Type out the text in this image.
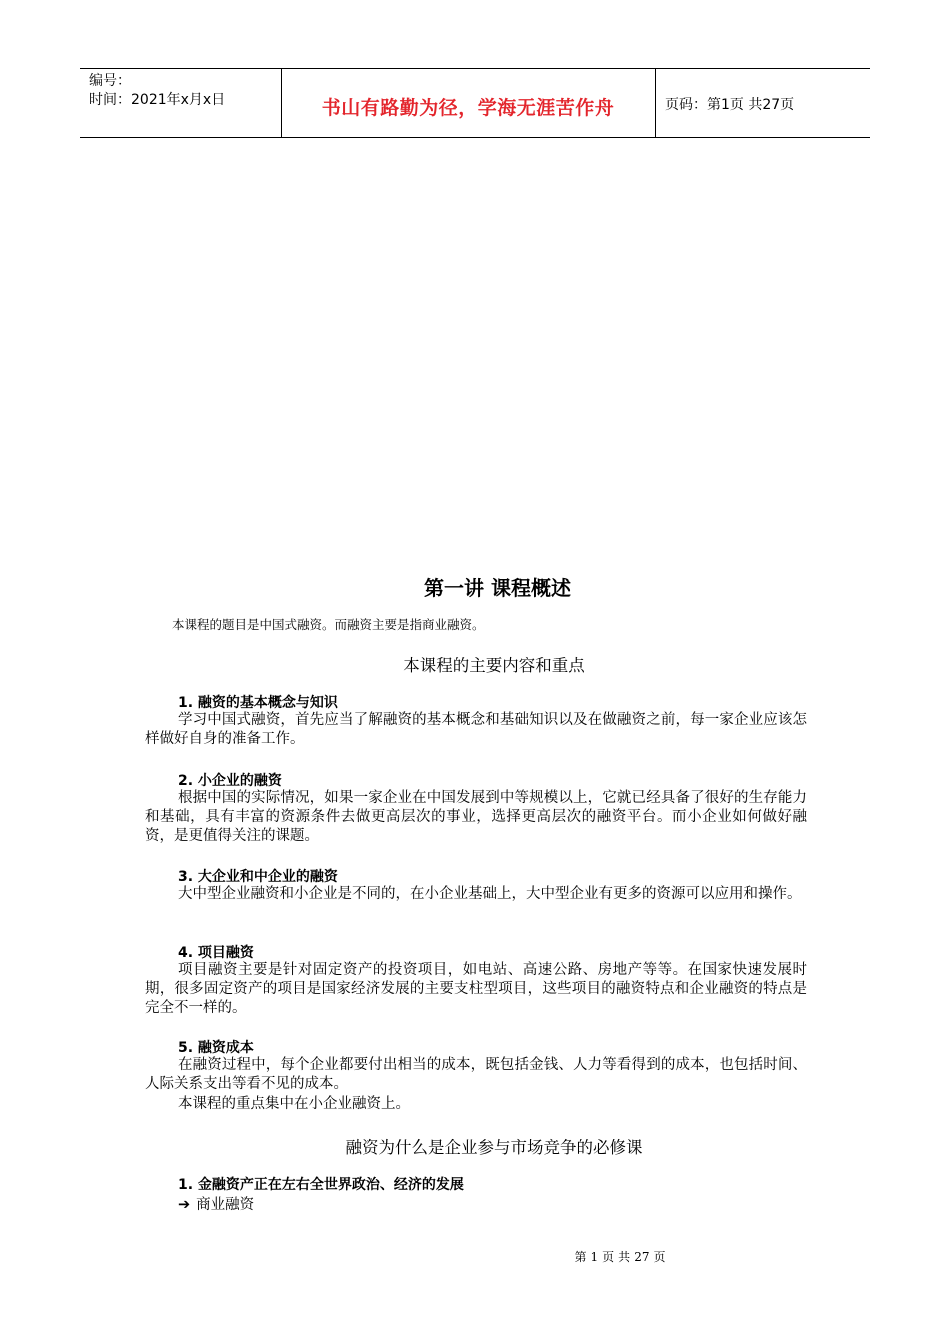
编号：
时间：2021年x月x日	书山有路勤为径，学海无涯苦作舟	页码：第1页 共27页
第一讲 课程概述
本课程的题目是中国式融资。而融资主要是指商业融资。
本课程的主要内容和重点
1. 融资的基本概念与知识
学习中国式融资，首先应当了解融资的基本概念和基础知识以及在做融资之前，每一家企业应该怎样做好自身的准备工作。
2. 小企业的融资
根据中国的实际情况，如果一家企业在中国发展到中等规模以上，它就已经具备了很好的生存能力和基础，具有丰富的资源条件去做更高层次的事业，选择更高层次的融资平台。而小企业如何做好融资，是更值得关注的课题。
3. 大企业和中企业的融资
大中型企业融资和小企业是不同的，在小企业基础上，大中型企业有更多的资源可以应用和操作。
4. 项目融资
项目融资主要是针对固定资产的投资项目，如电站、高速公路、房地产等等。在国家快速发展时期，很多固定资产的项目是国家经济发展的主要支柱型项目，这些项目的融资特点和企业融资的特点是完全不一样的。
5. 融资成本
在融资过程中，每个企业都要付出相当的成本，既包括金钱、人力等看得到的成本，也包括时间、人际关系支出等看不见的成本。
本课程的重点集中在小企业融资上。
融资为什么是企业参与市场竞争的必修课
1. 金融资产正在左右全世界政治、经济的发展
➔ 商业融资
第 1 页 共 27 页
